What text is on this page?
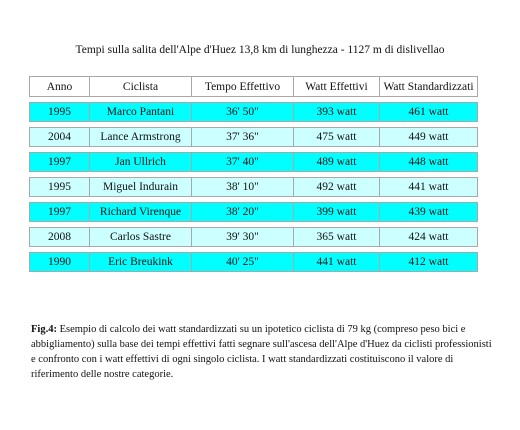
Tempi sulla salita dell'Alpe d'Huez 13,8 km di lunghezza - 1127 m di dislivellao
Anno	Ciclista	Tempo Effettivo	Watt Effettivi	Watt Standardizzati

1995	Marco Pantani	36' 50"	393 watt	461 watt

2004	Lance Armstrong	37' 36"	475 watt	449 watt

1997	Jan Ullrich	37' 40"	489 watt	448 watt

1995	Miguel Indurain	38' 10"	492 watt	441 watt

1997	Richard Virenque	38' 20"	399 watt	439 watt

2008	Carlos Sastre	39' 30"	365 watt	424 watt

1990	Eric Breukink	40' 25"	441 watt	412 watt
Fig.4: Esempio di calcolo dei watt standardizzati su un ipotetico ciclista di 79 kg (compreso peso bici e abbigliamento) sulla base dei tempi effettivi fatti segnare sull'ascesa dell'Alpe d'Huez da ciclisti professionisti e confronto con i watt effettivi di ogni singolo ciclista. I watt standardizzati costituiscono il valore di riferimento delle nostre categorie.
